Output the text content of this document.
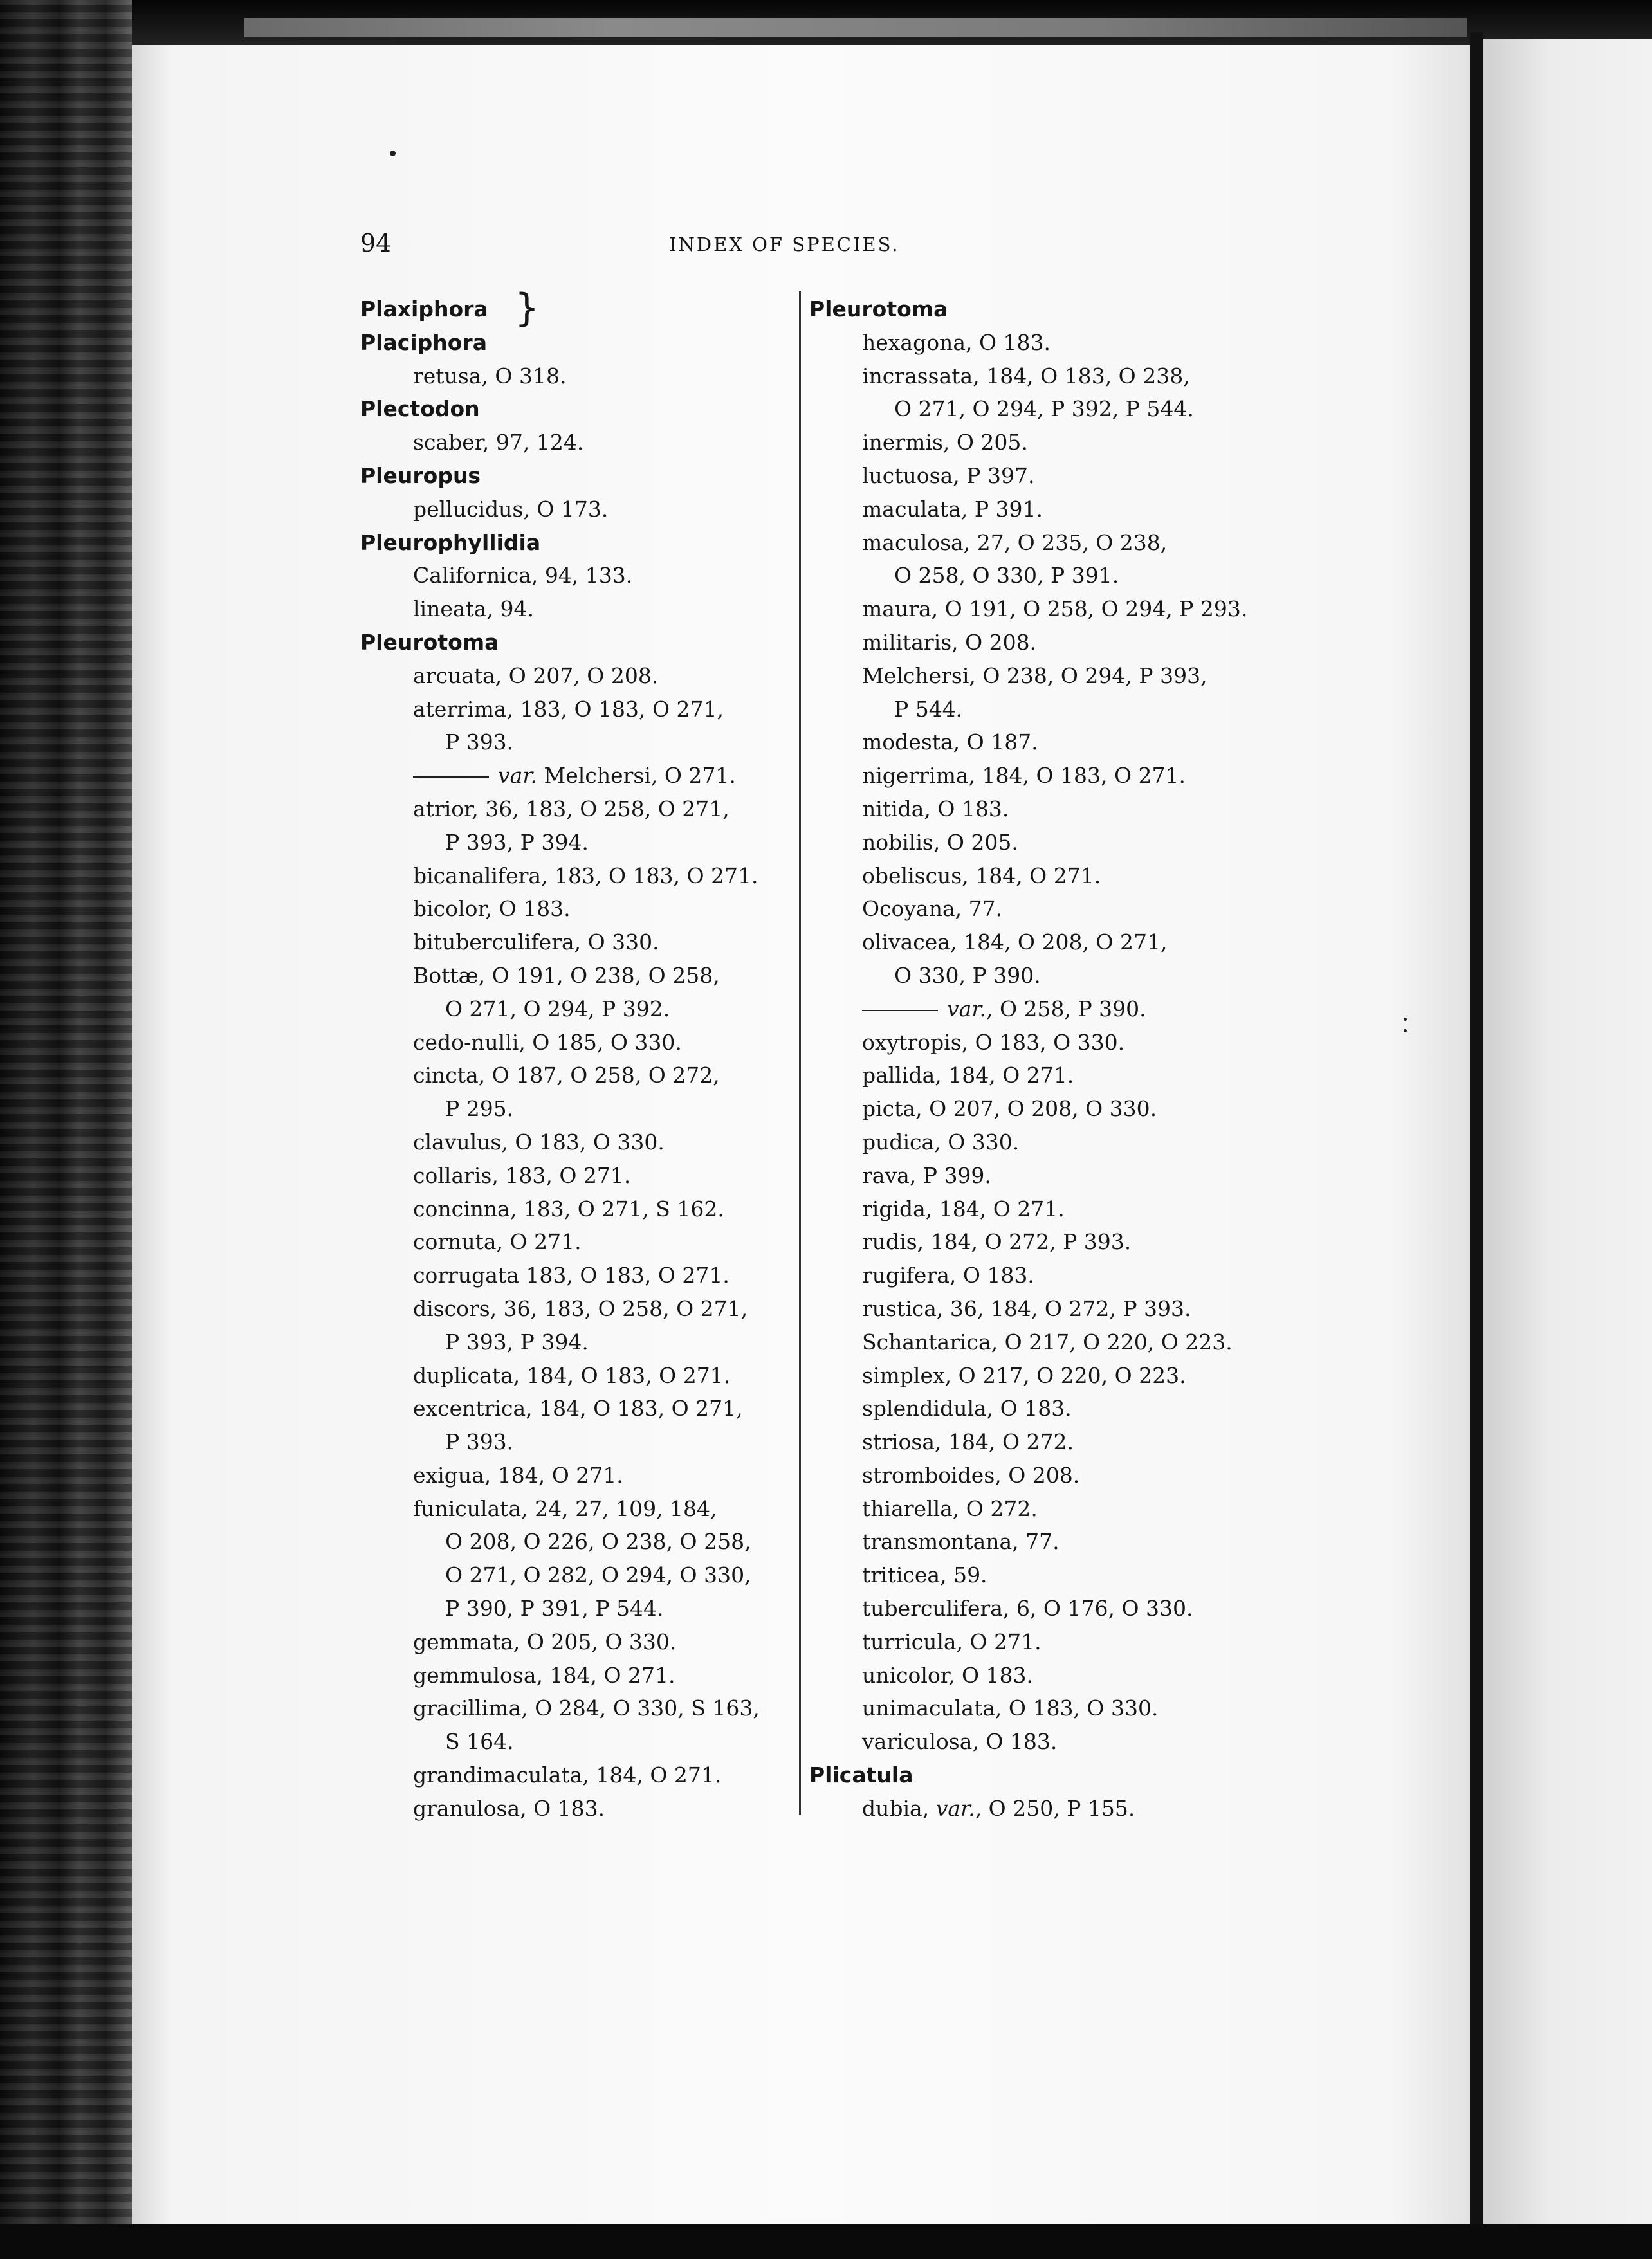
94	INDEX OF SPECIES.
Plaxiphora }
Placiphora
retusa, O 318.
Plectodon
scaber, 97, 124.
Pleuropus
pellucidus, O 173.
Pleurophyllidia
Californica, 94, 133.
lineata, 94.
Pleurotoma
arcuata, O 207, O 208.
aterrima, 183, O 183, O 271,
P 393.
var. Melchersi, O 271.
atrior, 36, 183, O 258, O 271,
P 393, P 394.
bicanalifera, 183, O 183, O 271.
bicolor, O 183.
bituberculifera, O 330.
Bottæ, O 191, O 238, O 258,
O 271, O 294, P 392.
cedo-nulli, O 185, O 330.
cincta, O 187, O 258, O 272,
P 295.
clavulus, O 183, O 330.
collaris, 183, O 271.
concinna, 183, O 271, S 162.
cornuta, O 271.
corrugata 183, O 183, O 271.
discors, 36, 183, O 258, O 271,
P 393, P 394.
duplicata, 184, O 183, O 271.
excentrica, 184, O 183, O 271,
P 393.
exigua, 184, O 271.
funiculata, 24, 27, 109, 184,
O 208, O 226, O 238, O 258,
O 271, O 282, O 294, O 330,
P 390, P 391, P 544.
gemmata, O 205, O 330.
gemmulosa, 184, O 271.
gracillima, O 284, O 330, S 163,
S 164.
grandimaculata, 184, O 271.
granulosa, O 183.
Pleurotoma
hexagona, O 183.
incrassata, 184, O 183, O 238,
O 271, O 294, P 392, P 544.
inermis, O 205.
luctuosa, P 397.
maculata, P 391.
maculosa, 27, O 235, O 238,
O 258, O 330, P 391.
maura, O 191, O 258, O 294, P 293.
militaris, O 208.
Melchersi, O 238, O 294, P 393,
P 544.
modesta, O 187.
nigerrima, 184, O 183, O 271.
nitida, O 183.
nobilis, O 205.
obeliscus, 184, O 271.
Ocoyana, 77.
olivacea, 184, O 208, O 271,
O 330, P 390.
var., O 258, P 390.
oxytropis, O 183, O 330.
pallida, 184, O 271.
picta, O 207, O 208, O 330.
pudica, O 330.
rava, P 399.
rigida, 184, O 271.
rudis, 184, O 272, P 393.
rugifera, O 183.
rustica, 36, 184, O 272, P 393.
Schantarica, O 217, O 220, O 223.
simplex, O 217, O 220, O 223.
splendidula, O 183.
striosa, 184, O 272.
stromboides, O 208.
thiarella, O 272.
transmontana, 77.
triticea, 59.
tuberculifera, 6, O 176, O 330.
turricula, O 271.
unicolor, O 183.
unimaculata, O 183, O 330.
variculosa, O 183.
Plicatula
dubia, var., O 250, P 155.
